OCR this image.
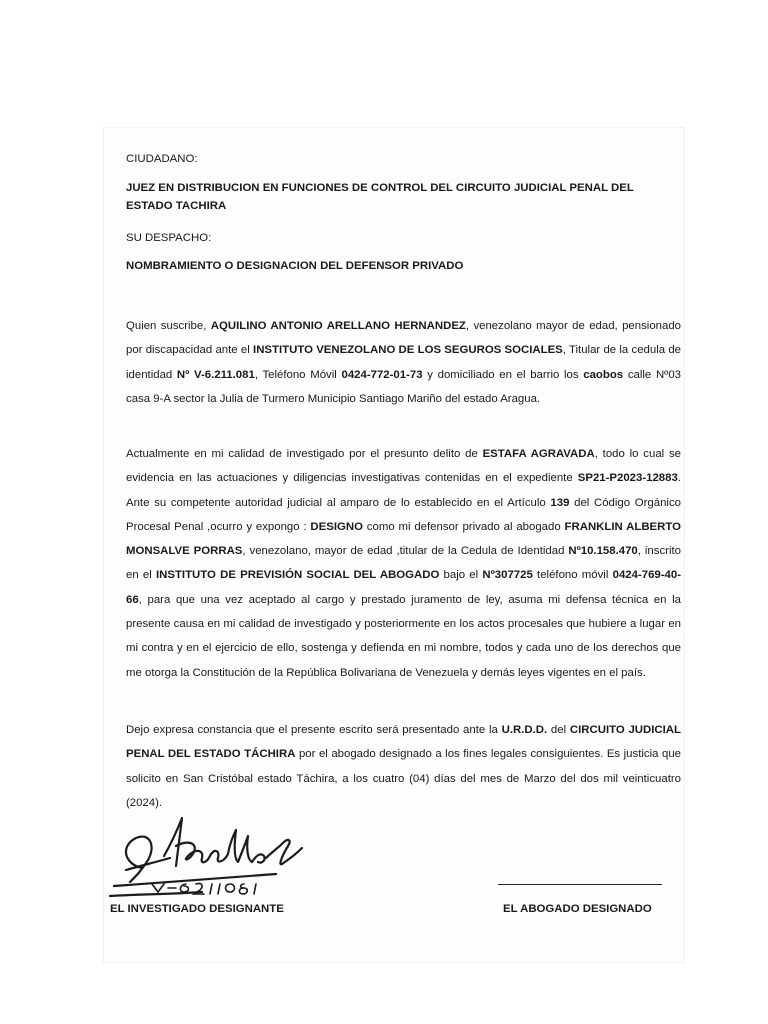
CIUDADANO:

JUEZ EN DISTRIBUCION EN FUNCIONES DE CONTROL DEL CIRCUITO JUDICIAL PENAL DEL ESTADO TACHIRA

SU DESPACHO:

NOMBRAMIENTO O DESIGNACION DEL DEFENSOR PRIVADO

Quien suscribe, AQUILINO ANTONIO ARELLANO HERNANDEZ, venezolano mayor de edad, pensionado por discapacidad ante el INSTITUTO VENEZOLANO DE LOS SEGUROS SOCIALES, Titular de la cedula de identidad Nº V-6.211.081, Teléfono Móvil 0424-772-01-73 y domiciliado en el barrio los caobos calle Nº03 casa 9-A sector la Julia de Turmero Municipio Santiago Mariño del estado Aragua.

Actualmente en mi calidad de investigado por el presunto delito de ESTAFA AGRAVADA, todo lo cual se evidencia en las actuaciones y diligencias investigativas contenidas en el expediente SP21-P2023-12883. Ante su competente autoridad judicial al amparo de lo establecido en el Artículo 139 del Código Orgánico Procesal Penal ,ocurro y expongo : DESIGNO como mi defensor privado al abogado FRANKLIN ALBERTO MONSALVE PORRAS, venezolano, mayor de edad ,titular de la Cedula de Identidad Nº10.158.470, inscrito en el INSTITUTO DE PREVISIÓN SOCIAL DEL ABOGADO bajo el Nº307725 teléfono móvil 0424-769-40-66, para que una vez aceptado al cargo y prestado juramento de ley, asuma mi defensa técnica en la presente causa en mi calidad de investigado y posteriormente en los actos procesales que hubiere a lugar en mi contra y en el ejercicio de ello, sostenga y defienda en mi nombre, todos y cada uno de los derechos que me otorga la Constitución de la República Bolivariana de Venezuela y demás leyes vigentes en el país.

Dejo expresa constancia que el presente escrito será presentado ante la U.R.D.D. del CIRCUITO JUDICIAL PENAL DEL ESTADO TÁCHIRA por el abogado designado a los fines legales consiguientes. Es justicia que solicito en San Cristóbal estado Táchira, a los cuatro (04) días del mes de Marzo del dos mil veinticuatro (2024).

EL INVESTIGADO DESIGNANTE	EL ABOGADO DESIGNADO
